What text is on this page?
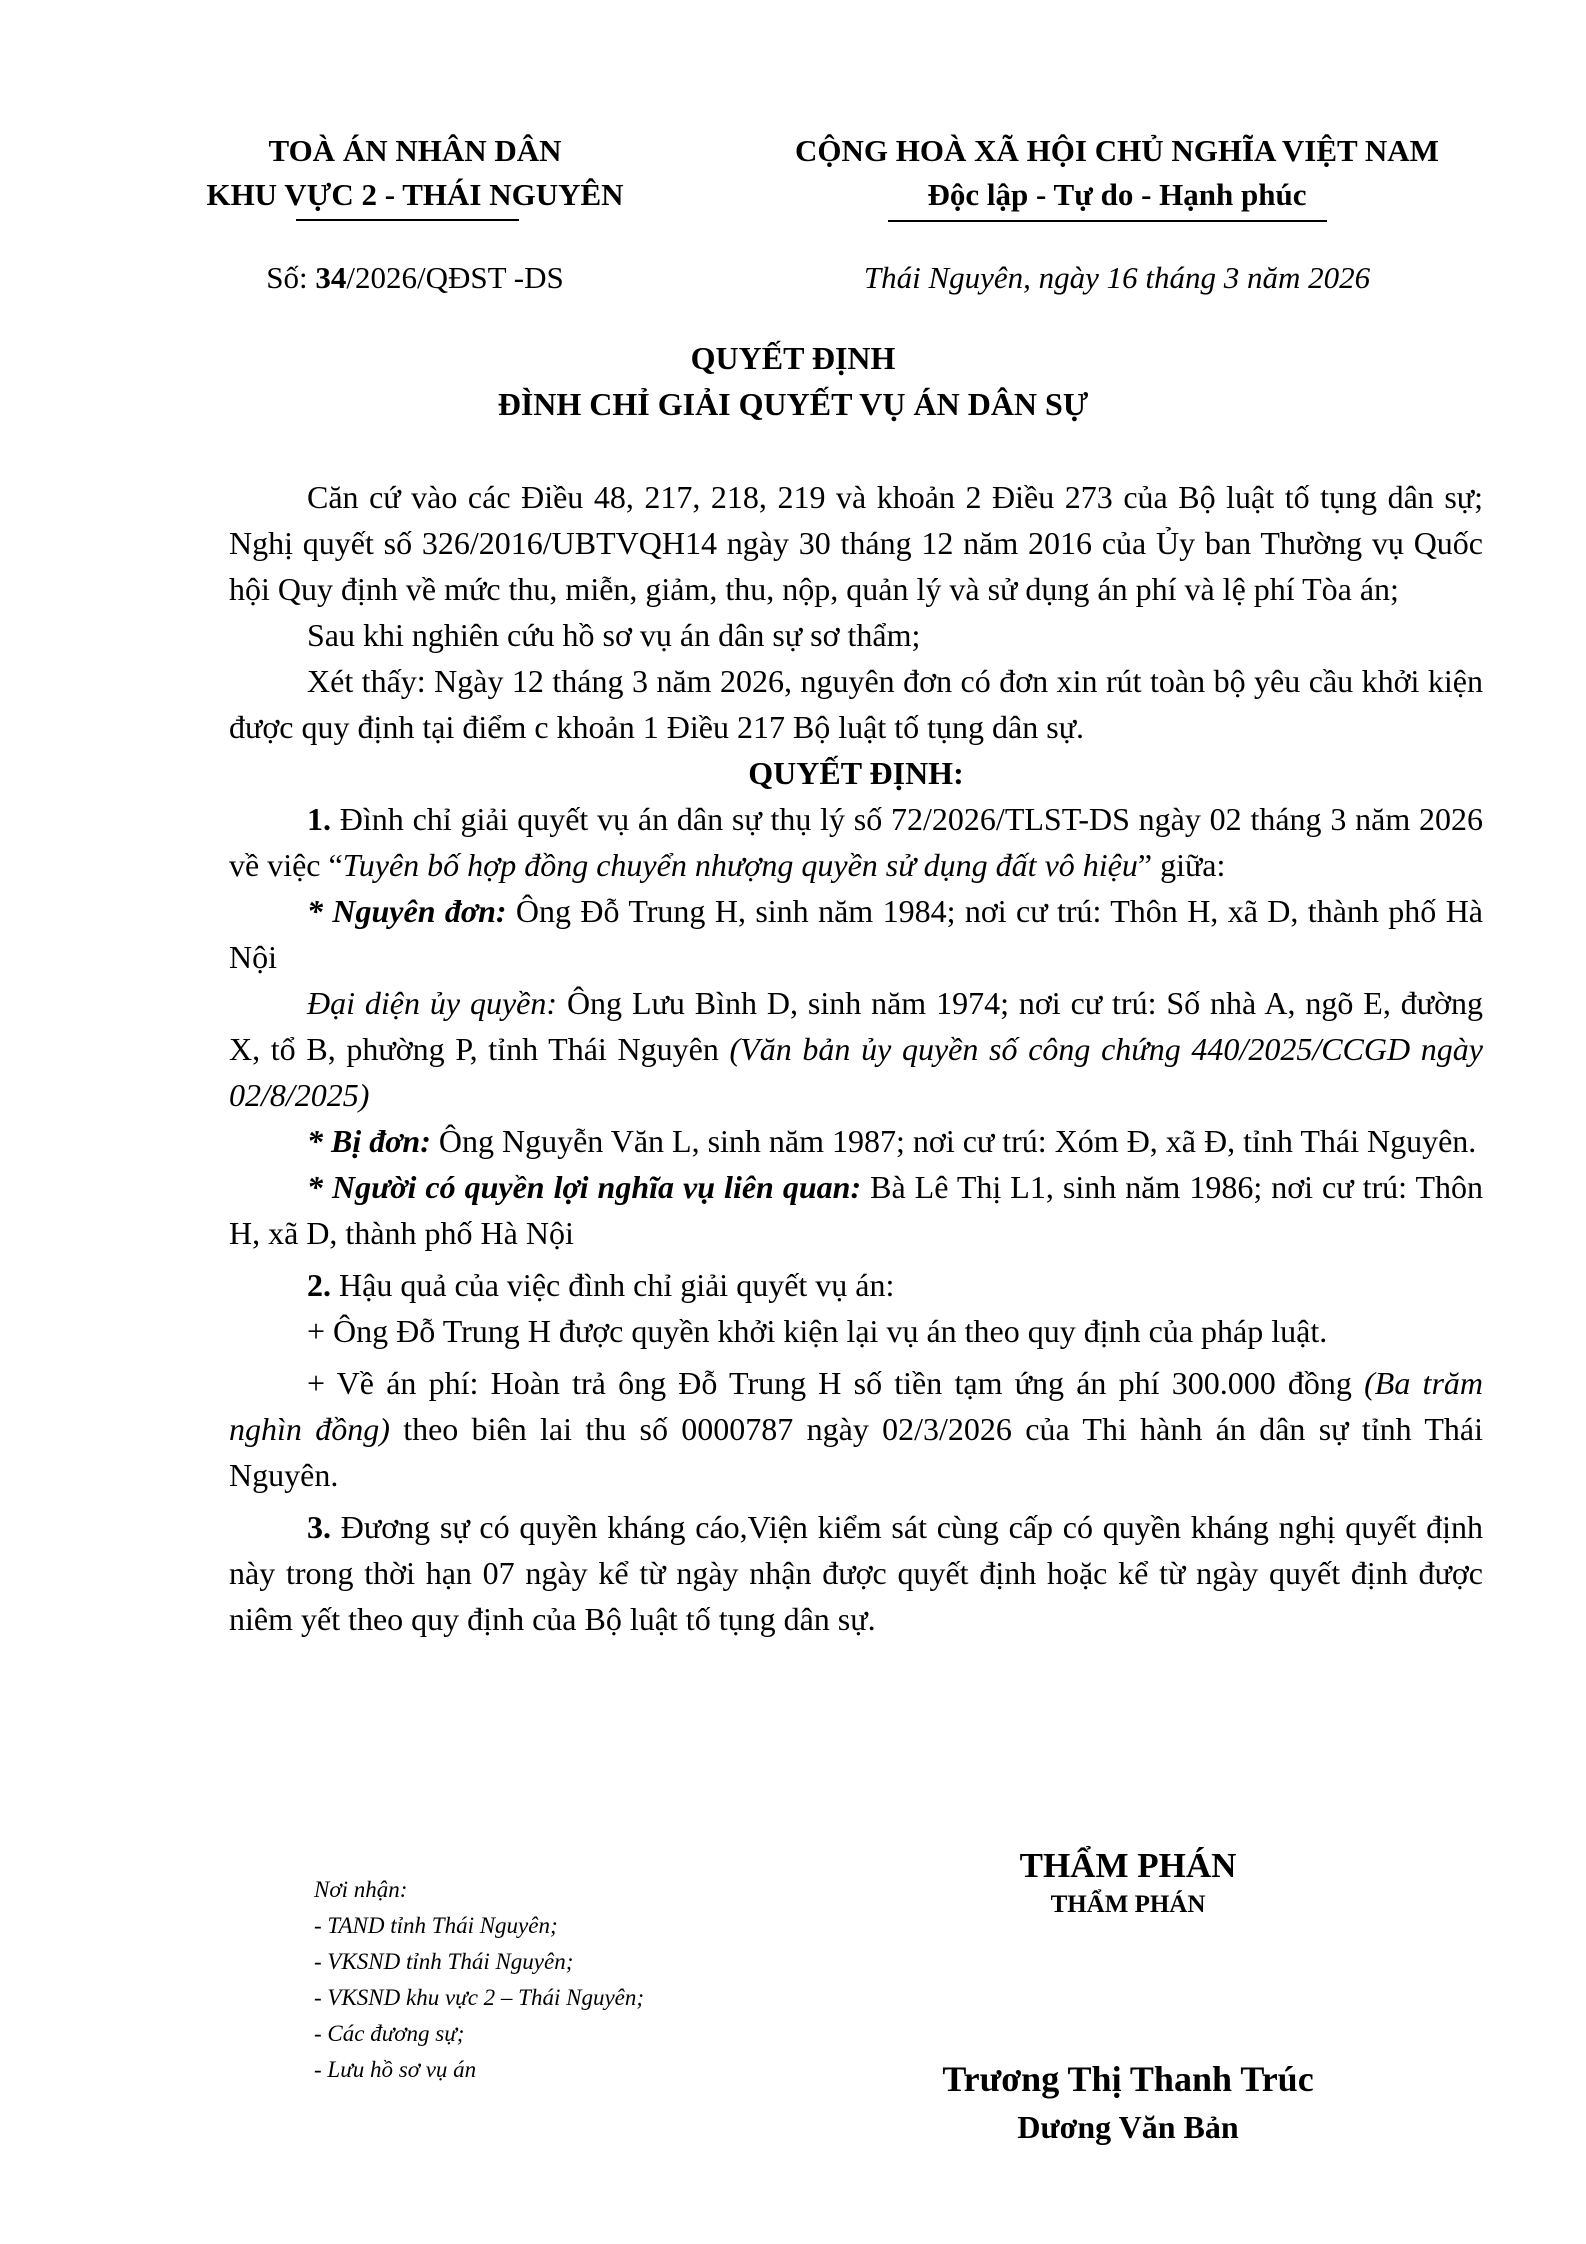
TOÀ ÁN NHÂN DÂN
KHU VỰC 2 - THÁI NGUYÊN
CỘNG HOÀ XÃ HỘI CHỦ NGHĨA VIỆT NAM
Độc lập - Tự do - Hạnh phúc
Số: 34/2026/QĐST -DS	Thái Nguyên, ngày 16 tháng 3 năm 2026
QUYẾT ĐỊNH
ĐÌNH CHỈ GIẢI QUYẾT VỤ ÁN DÂN SỰ

Căn cứ vào các Điều 48, 217, 218, 219 và khoản 2 Điều 273 của Bộ luật tố tụng dân sự; Nghị quyết số 326/2016/UBTVQH14 ngày 30 tháng 12 năm 2016 của Ủy ban Thường vụ Quốc hội Quy định về mức thu, miễn, giảm, thu, nộp, quản lý và sử dụng án phí và lệ phí Tòa án;

Sau khi nghiên cứu hồ sơ vụ án dân sự sơ thẩm;

Xét thấy: Ngày 12 tháng 3 năm 2026, nguyên đơn có đơn xin rút toàn bộ yêu cầu khởi kiện được quy định tại điểm c khoản 1 Điều 217 Bộ luật tố tụng dân sự.

QUYẾT ĐỊNH:

1. Đình chỉ giải quyết vụ án dân sự thụ lý số 72/2026/TLST-DS ngày 02 tháng 3 năm 2026 về việc “Tuyên bố hợp đồng chuyển nhượng quyền sử dụng đất vô hiệu” giữa:

* Nguyên đơn: Ông Đỗ Trung H, sinh năm 1984; nơi cư trú: Thôn H, xã D, thành phố Hà Nội

Đại diện ủy quyền: Ông Lưu Bình D, sinh năm 1974; nơi cư trú: Số nhà A, ngõ E, đường X, tổ B, phường P, tỉnh Thái Nguyên (Văn bản ủy quyền số công chứng 440/2025/CCGD ngày 02/8/2025)

* Bị đơn: Ông Nguyễn Văn L, sinh năm 1987; nơi cư trú: Xóm Đ, xã Đ, tỉnh Thái Nguyên.

* Người có quyền lợi nghĩa vụ liên quan: Bà Lê Thị L1, sinh năm 1986; nơi cư trú: Thôn H, xã D, thành phố Hà Nội

2. Hậu quả của việc đình chỉ giải quyết vụ án:

+ Ông Đỗ Trung H được quyền khởi kiện lại vụ án theo quy định của pháp luật.

+ Về án phí: Hoàn trả ông Đỗ Trung H số tiền tạm ứng án phí 300.000 đồng (Ba trăm nghìn đồng) theo biên lai thu số 0000787 ngày 02/3/2026 của Thi hành án dân sự tỉnh Thái Nguyên.

3. Đương sự có quyền kháng cáo,Viện kiểm sát cùng cấp có quyền kháng nghị quyết định này trong thời hạn 07 ngày kể từ ngày nhận được quyết định hoặc kể từ ngày quyết định được niêm yết theo quy định của Bộ luật tố tụng dân sự.

Nơi nhận:
- TAND tỉnh Thái Nguyên;
- VKSND tỉnh Thái Nguyên;
- VKSND khu vực 2 – Thái Nguyên;
- Các đương sự;
- Lưu hồ sơ vụ án
THẨM PHÁN
THẨM PHÁN
Trương Thị Thanh Trúc
Dương Văn Bản
